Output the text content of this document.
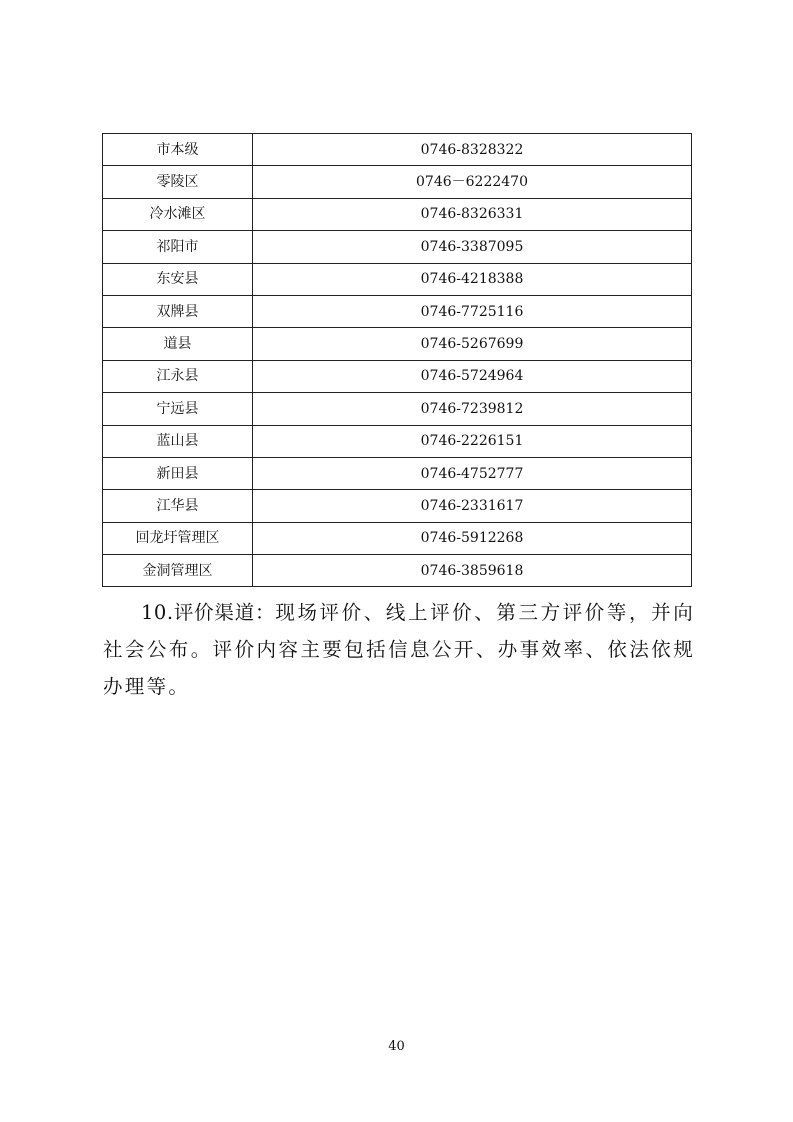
市本级	0746-8328322
零陵区	0746－6222470
冷水滩区	0746-8326331
祁阳市	0746-3387095
东安县	0746-4218388
双牌县	0746-7725116
道县	0746-5267699
江永县	0746-5724964
宁远县	0746-7239812
蓝山县	0746-2226151
新田县	0746-4752777
江华县	0746-2331617
回龙圩管理区	0746-5912268
金洞管理区	0746-3859618

10.评价渠道：现场评价、线上评价、第三方评价等，并向社会公布。评价内容主要包括信息公开、办事效率、依法依规办理等。

40
